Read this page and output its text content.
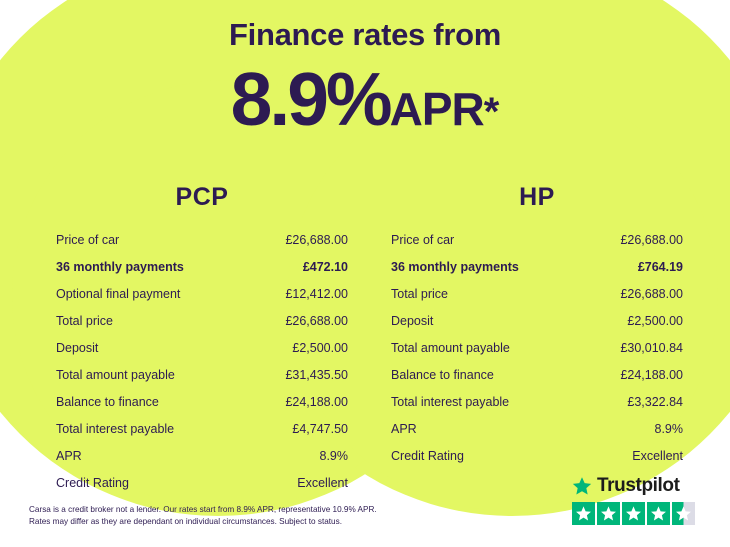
Finance rates from
8.9%APR*
PCP
Price of car	£26,688.00
36 monthly payments	£472.10
Optional final payment	£12,412.00
Total price	£26,688.00
Deposit	£2,500.00
Total amount payable	£31,435.50
Balance to finance	£24,188.00
Total interest payable	£4,747.50
APR	8.9%
Credit Rating	Excellent
HP
Price of car	£26,688.00
36 monthly payments	£764.19
Total price	£26,688.00
Deposit	£2,500.00
Total amount payable	£30,010.84
Balance to finance	£24,188.00
Total interest payable	£3,322.84
APR	8.9%
Credit Rating	Excellent
Carsa is a credit broker not a lender. Our rates start from 8.9% APR, representative 10.9% APR.
Rates may differ as they are dependant on individual circumstances. Subject to status.
Trustpilot
